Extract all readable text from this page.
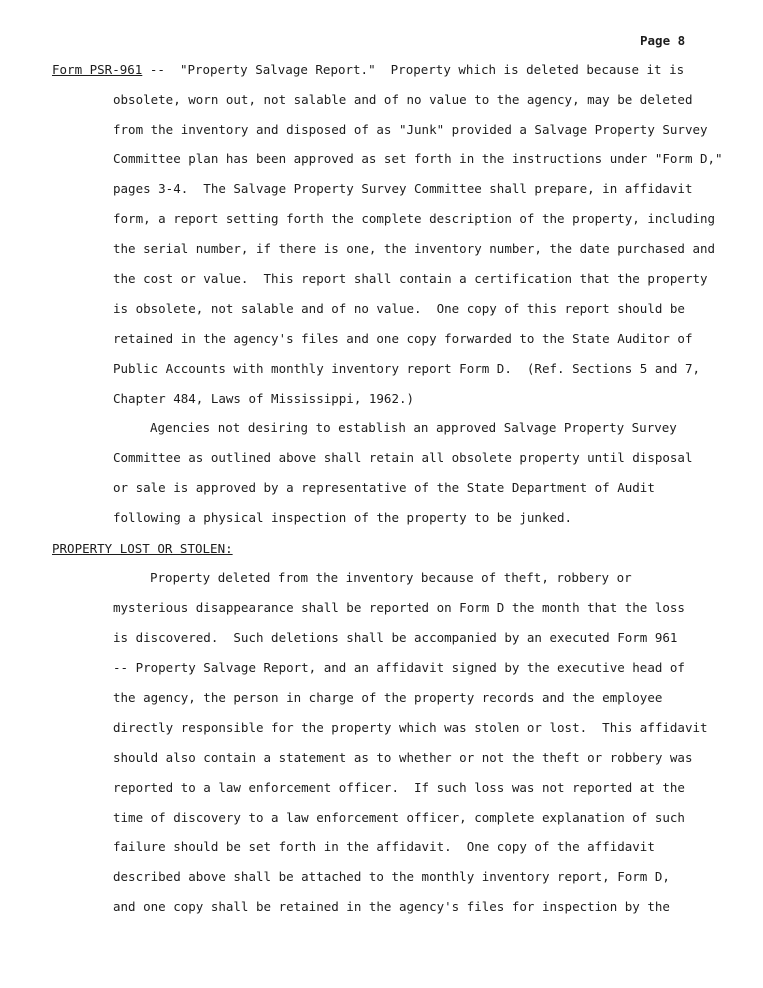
Page 8
Form PSR-961 --  "Property Salvage Report."  Property which is deleted because it is
obsolete, worn out, not salable and of no value to the agency, may be deleted
from the inventory and disposed of as "Junk" provided a Salvage Property Survey
Committee plan has been approved as set forth in the instructions under "Form D,"
pages 3-4.  The Salvage Property Survey Committee shall prepare, in affidavit
form, a report setting forth the complete description of the property, including
the serial number, if there is one, the inventory number, the date purchased and
the cost or value.  This report shall contain a certification that the property
is obsolete, not salable and of no value.  One copy of this report should be
retained in the agency's files and one copy forwarded to the State Auditor of
Public Accounts with monthly inventory report Form D.  (Ref. Sections 5 and 7,
Chapter 484, Laws of Mississippi, 1962.)
Agencies not desiring to establish an approved Salvage Property Survey
Committee as outlined above shall retain all obsolete property until disposal
or sale is approved by a representative of the State Department of Audit
following a physical inspection of the property to be junked.
PROPERTY LOST OR STOLEN:
Property deleted from the inventory because of theft, robbery or
mysterious disappearance shall be reported on Form D the month that the loss
is discovered.  Such deletions shall be accompanied by an executed Form 961
-- Property Salvage Report, and an affidavit signed by the executive head of
the agency, the person in charge of the property records and the employee
directly responsible for the property which was stolen or lost.  This affidavit
should also contain a statement as to whether or not the theft or robbery was
reported to a law enforcement officer.  If such loss was not reported at the
time of discovery to a law enforcement officer, complete explanation of such
failure should be set forth in the affidavit.  One copy of the affidavit
described above shall be attached to the monthly inventory report, Form D,
and one copy shall be retained in the agency's files for inspection by the
